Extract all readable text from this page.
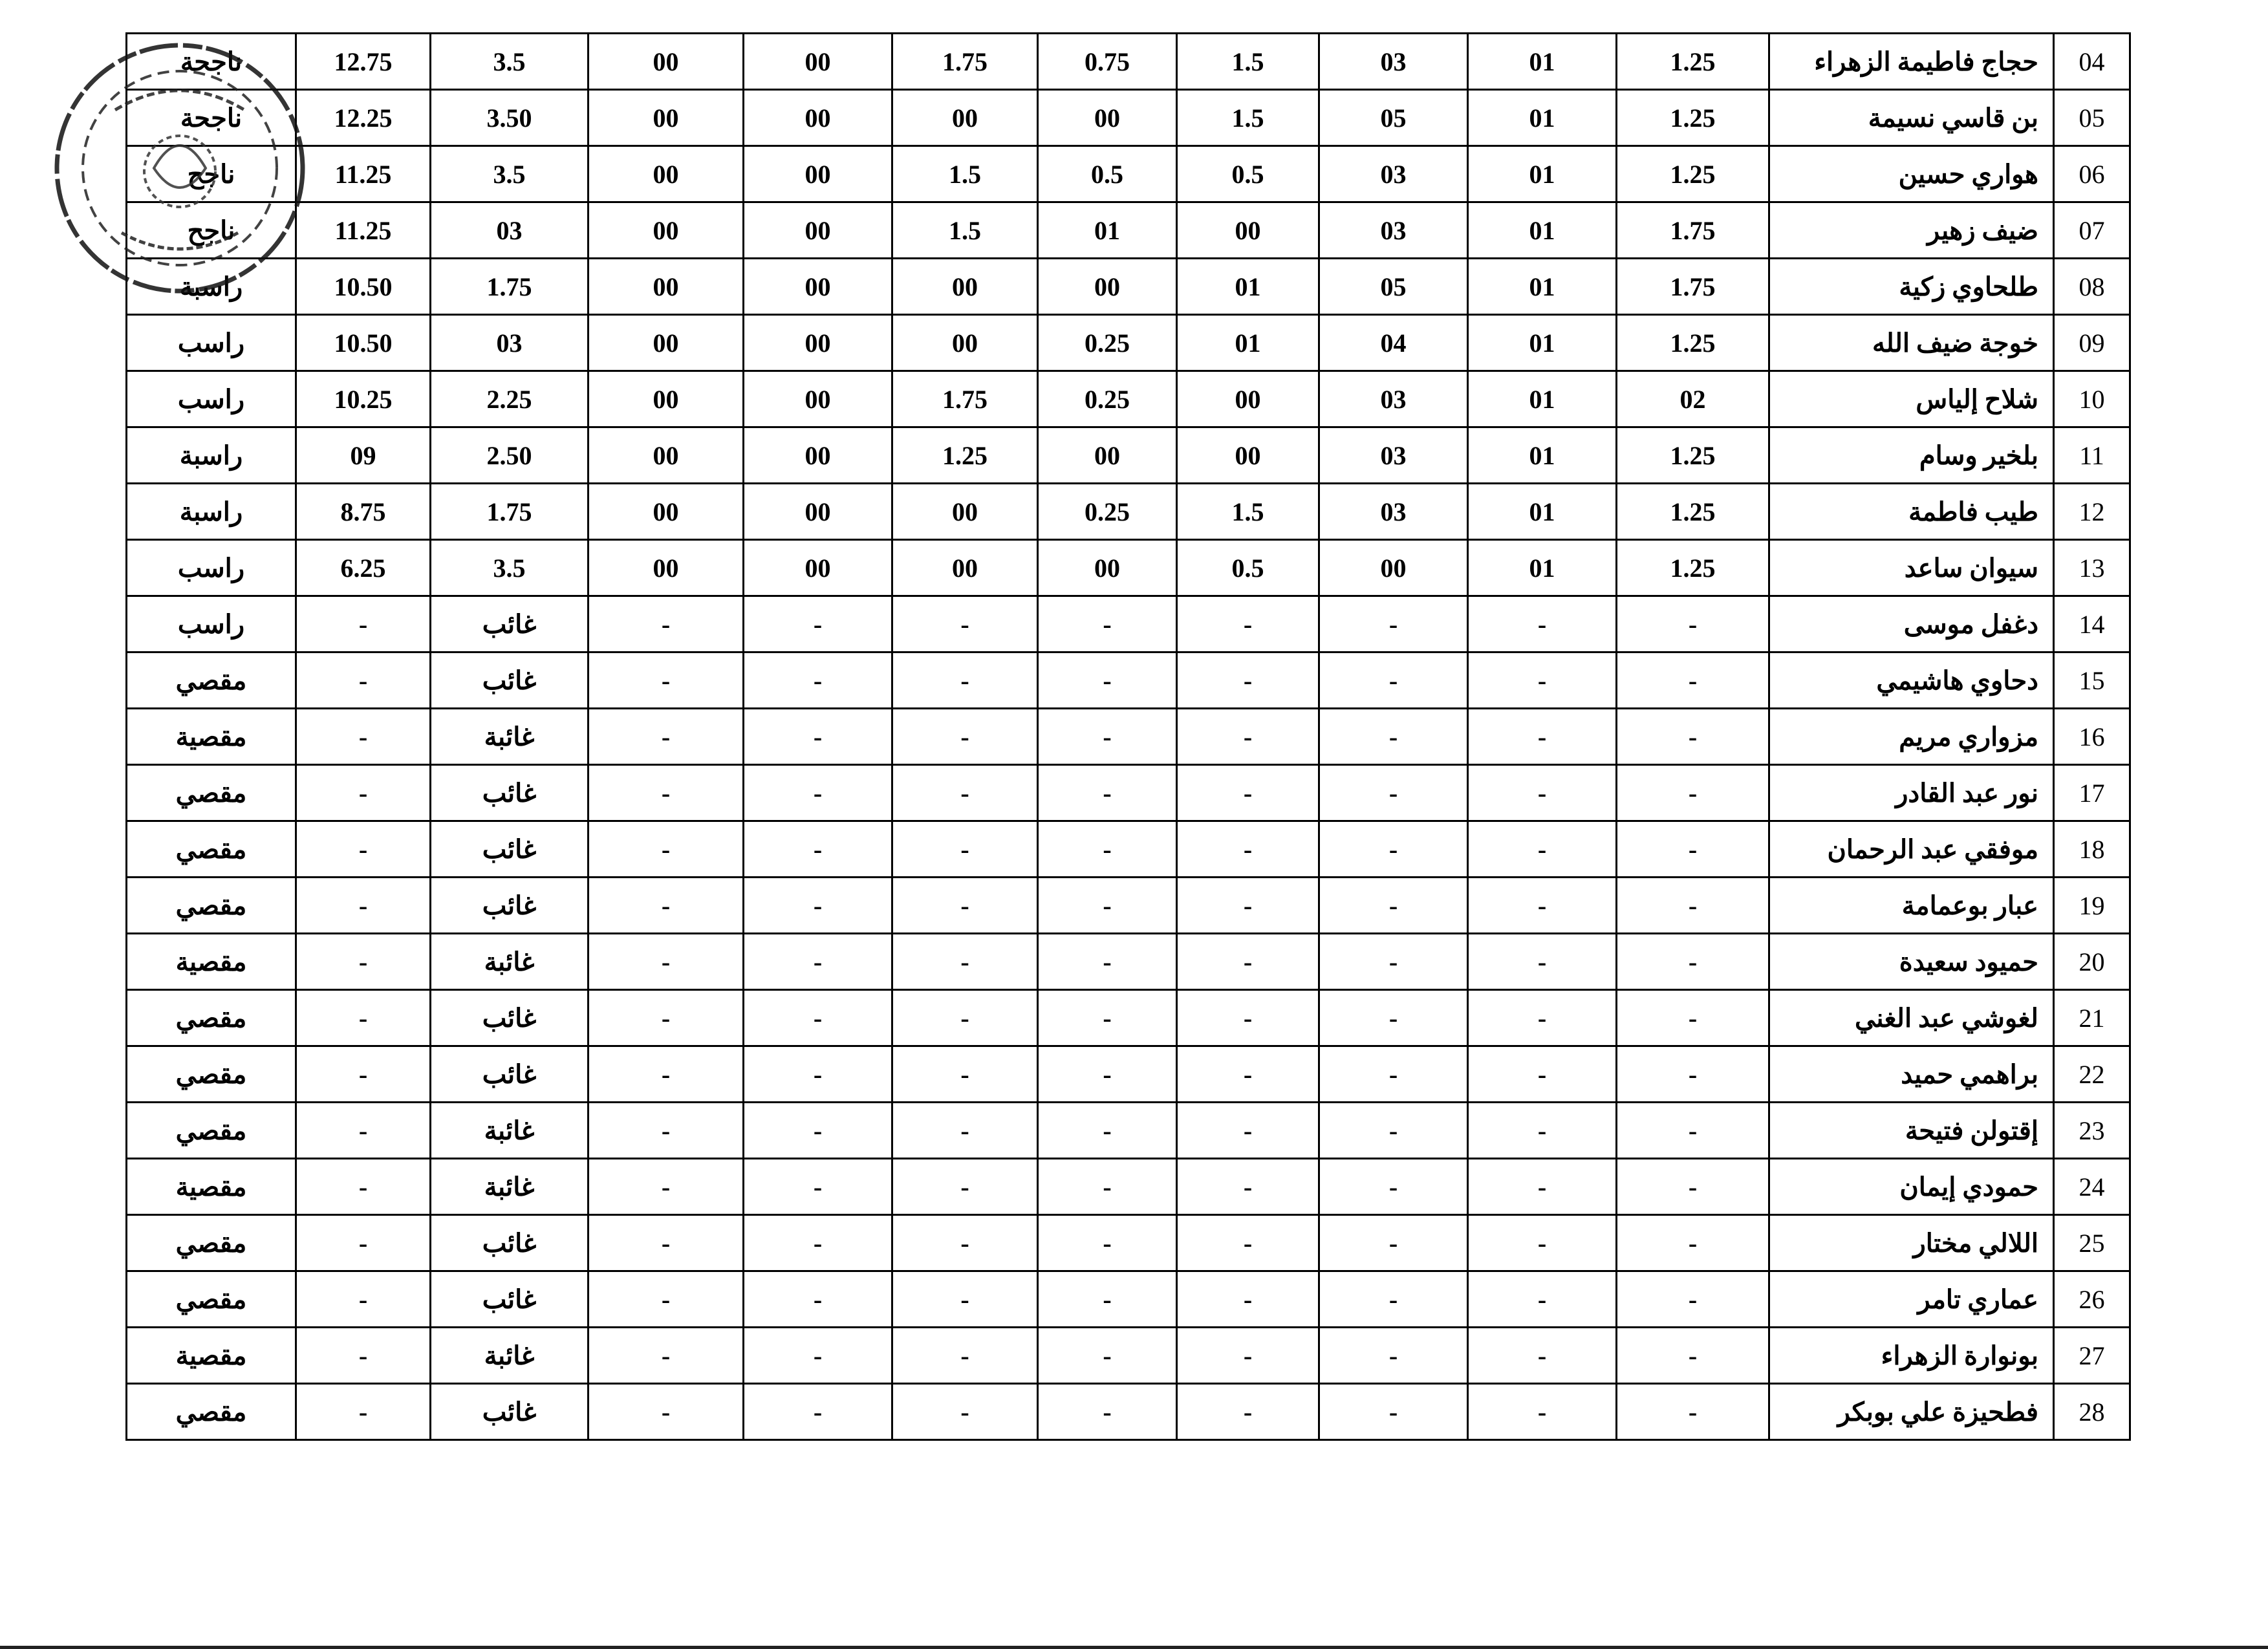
ناجحة	12.75	3.5	00	00	1.75	0.75	1.5	03	01	1.25	حجاج فاطيمة الزهراء	04
ناجحة	12.25	3.50	00	00	00	00	1.5	05	01	1.25	بن قاسي نسيمة	05
ناجح	11.25	3.5	00	00	1.5	0.5	0.5	03	01	1.25	هواري حسين	06
ناجح	11.25	03	00	00	1.5	01	00	03	01	1.75	ضيف زهير	07
راسبة	10.50	1.75	00	00	00	00	01	05	01	1.75	طلحاوي زكية	08
راسب	10.50	03	00	00	00	0.25	01	04	01	1.25	خوجة ضيف الله	09
راسب	10.25	2.25	00	00	1.75	0.25	00	03	01	02	شلاح إلياس	10
راسبة	09	2.50	00	00	1.25	00	00	03	01	1.25	بلخير وسام	11
راسبة	8.75	1.75	00	00	00	0.25	1.5	03	01	1.25	طيب فاطمة	12
راسب	6.25	3.5	00	00	00	00	0.5	00	01	1.25	سيوان ساعد	13
راسب	-	غائب	-	-	-	-	-	-	-	-	دغفل موسى	14
مقصي	-	غائب	-	-	-	-	-	-	-	-	دحاوي هاشيمي	15
مقصية	-	غائبة	-	-	-	-	-	-	-	-	مزواري مريم	16
مقصي	-	غائب	-	-	-	-	-	-	-	-	نور عبد القادر	17
مقصي	-	غائب	-	-	-	-	-	-	-	-	موفقي عبد الرحمان	18
مقصي	-	غائب	-	-	-	-	-	-	-	-	عبار بوعمامة	19
مقصية	-	غائبة	-	-	-	-	-	-	-	-	حميود سعيدة	20
مقصي	-	غائب	-	-	-	-	-	-	-	-	لغوشي عبد الغني	21
مقصي	-	غائب	-	-	-	-	-	-	-	-	براهمي حميد	22
مقصي	-	غائبة	-	-	-	-	-	-	-	-	إقتولن فتيحة	23
مقصية	-	غائبة	-	-	-	-	-	-	-	-	حمودي إيمان	24
مقصي	-	غائب	-	-	-	-	-	-	-	-	اللالي مختار	25
مقصي	-	غائب	-	-	-	-	-	-	-	-	عماري تامر	26
مقصية	-	غائبة	-	-	-	-	-	-	-	-	بونوارة الزهراء	27
مقصي	-	غائب	-	-	-	-	-	-	-	-	فطحيزة علي بوبكر	28
